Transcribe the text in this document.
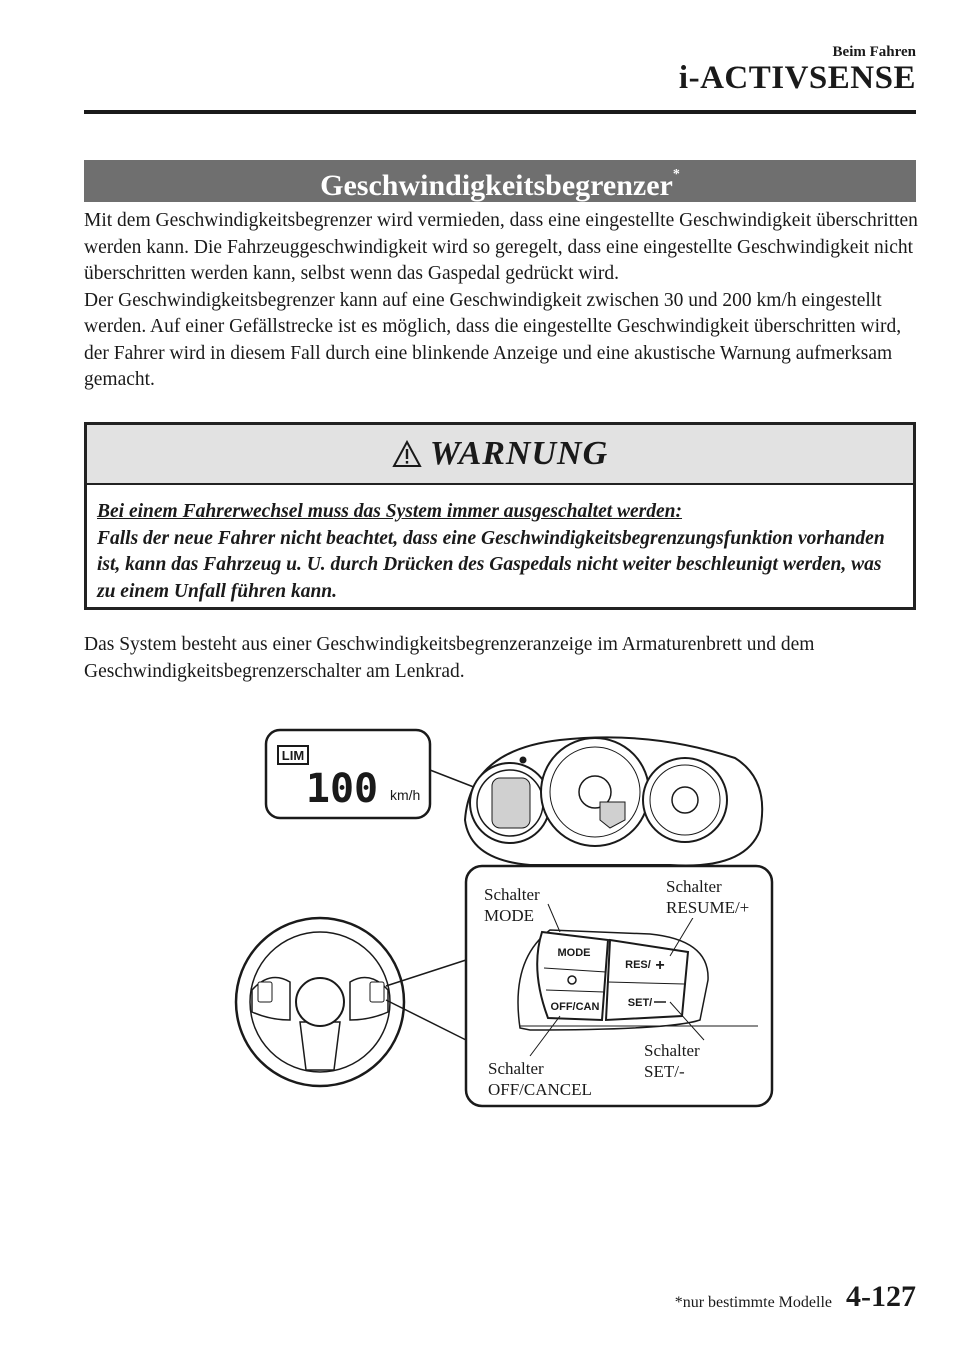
Beim Fahren
i-ACTIVSENSE
Geschwindigkeitsbegrenzer*

Mit dem Geschwindigkeitsbegrenzer wird vermieden, dass eine eingestellte Geschwindigkeit überschritten werden kann. Die Fahrzeuggeschwindigkeit wird so geregelt, dass eine eingestellte Geschwindigkeit nicht überschritten werden kann, selbst wenn das Gaspedal gedrückt wird.
Der Geschwindigkeitsbegrenzer kann auf eine Geschwindigkeit zwischen 30 und 200 km/h eingestellt werden. Auf einer Gefällstrecke ist es möglich, dass die eingestellte Geschwindigkeit überschritten wird, der Fahrer wird in diesem Fall durch eine blinkende Anzeige und eine akustische Warnung aufmerksam gemacht.

WARNUNG
Bei einem Fahrerwechsel muss das System immer ausgeschaltet werden:
Falls der neue Fahrer nicht beachtet, dass eine Geschwindigkeitsbegrenzungsfunktion vorhanden ist, kann das Fahrzeug u. U. durch Drücken des Gaspedals nicht weiter beschleunigt werden, was zu einem Unfall führen kann.

Das System besteht aus einer Geschwindigkeitsbegrenzeranzeige im Armaturenbrett und dem Geschwindigkeitsbegrenzerschalter am Lenkrad.

LIM
100 km/h
MODE
OFF/CAN
RES/ +
SET/
Schalter MODE
Schalter
RESUME/+
Schalter SET/-
Schalter
OFF/CANCEL
*nur bestimmte Modelle 4-127
